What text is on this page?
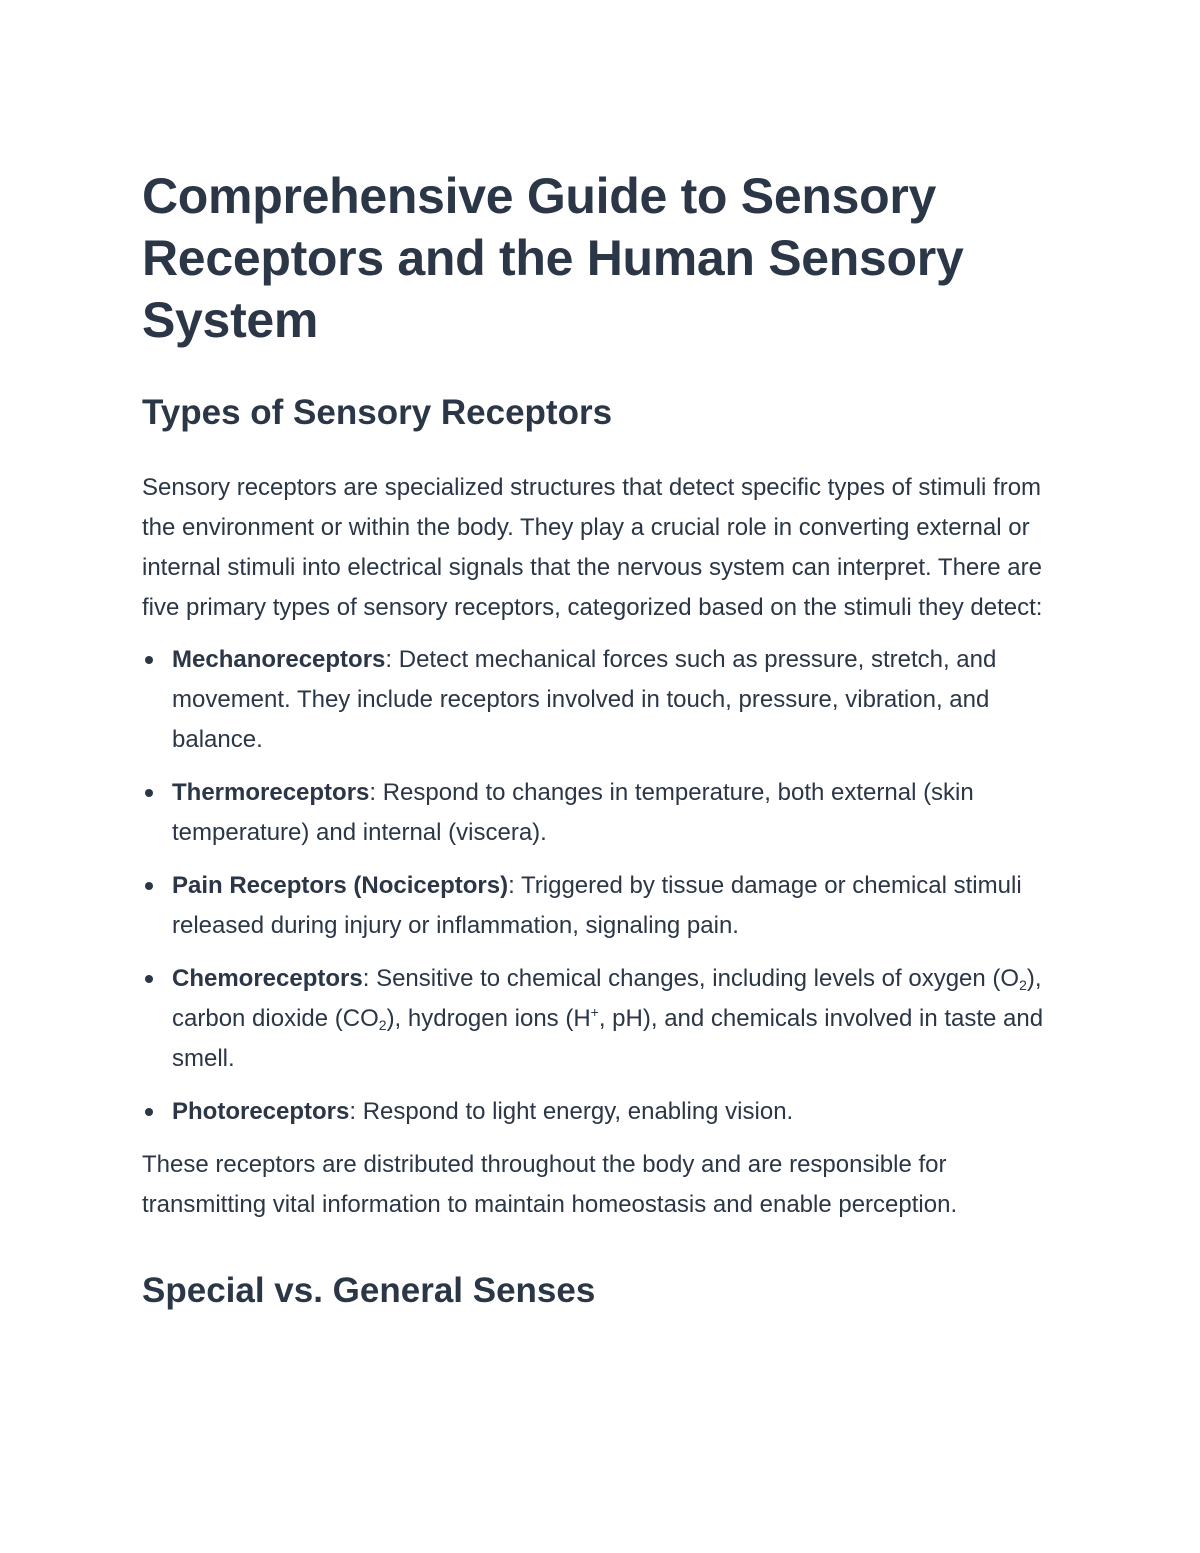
Comprehensive Guide to Sensory Receptors and the Human Sensory System
Types of Sensory Receptors

Sensory receptors are specialized structures that detect specific types of stimuli from the environment or within the body. They play a crucial role in converting external or internal stimuli into electrical signals that the nervous system can interpret. There are five primary types of sensory receptors, categorized based on the stimuli they detect:

Mechanoreceptors: Detect mechanical forces such as pressure, stretch, and movement. They include receptors involved in touch, pressure, vibration, and balance.
Thermoreceptors: Respond to changes in temperature, both external (skin temperature) and internal (viscera).
Pain Receptors (Nociceptors): Triggered by tissue damage or chemical stimuli released during injury or inflammation, signaling pain.
Chemoreceptors: Sensitive to chemical changes, including levels of oxygen $(O_2)$, carbon dioxide $(CO_2)$, hydrogen ions (H+, pH), and chemicals involved in taste and smell.
Photoreceptors: Respond to light energy, enabling vision.

These receptors are distributed throughout the body and are responsible for transmitting vital information to maintain homeostasis and enable perception.

Special vs. General Senses
